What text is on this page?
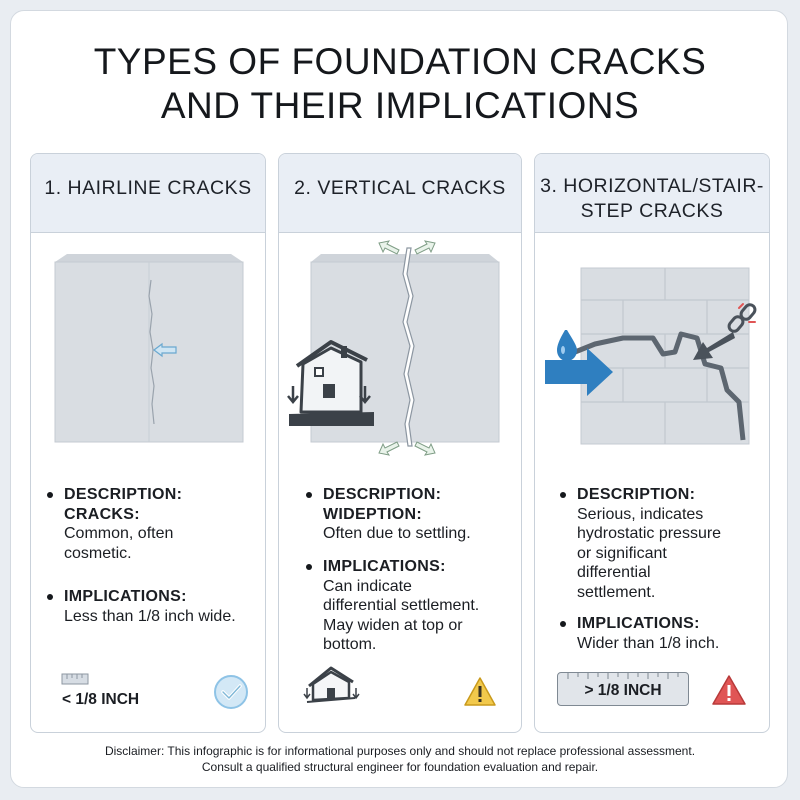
TYPES OF FOUNDATION CRACKS
AND THEIR IMPLICATIONS
1. HAIRLINE CRACKS
DESCRIPTION:
CRACKS:
Common, often
cosmetic.
IMPLICATIONS:
Less than 1/8 inch wide.
< 1/8 INCH
2. VERTICAL CRACKS
DESCRIPTION:
WIDEPTION:
Often due to settling.
IMPLICATIONS:
Can indicate
differential settlement.
May widen at top or
bottom.
3. HORIZONTAL/STAIR-
STEP CRACKS
DESCRIPTION:
Serious, indicates
hydrostatic pressure
or significant
differential
settlement.
IMPLICATIONS:
Wider than 1/8 inch.
> 1/8 INCH
Disclaimer: This infographic is for informational purposes only and should not replace professional assessment.
Consult a qualified structural engineer for foundation evaluation and repair.
